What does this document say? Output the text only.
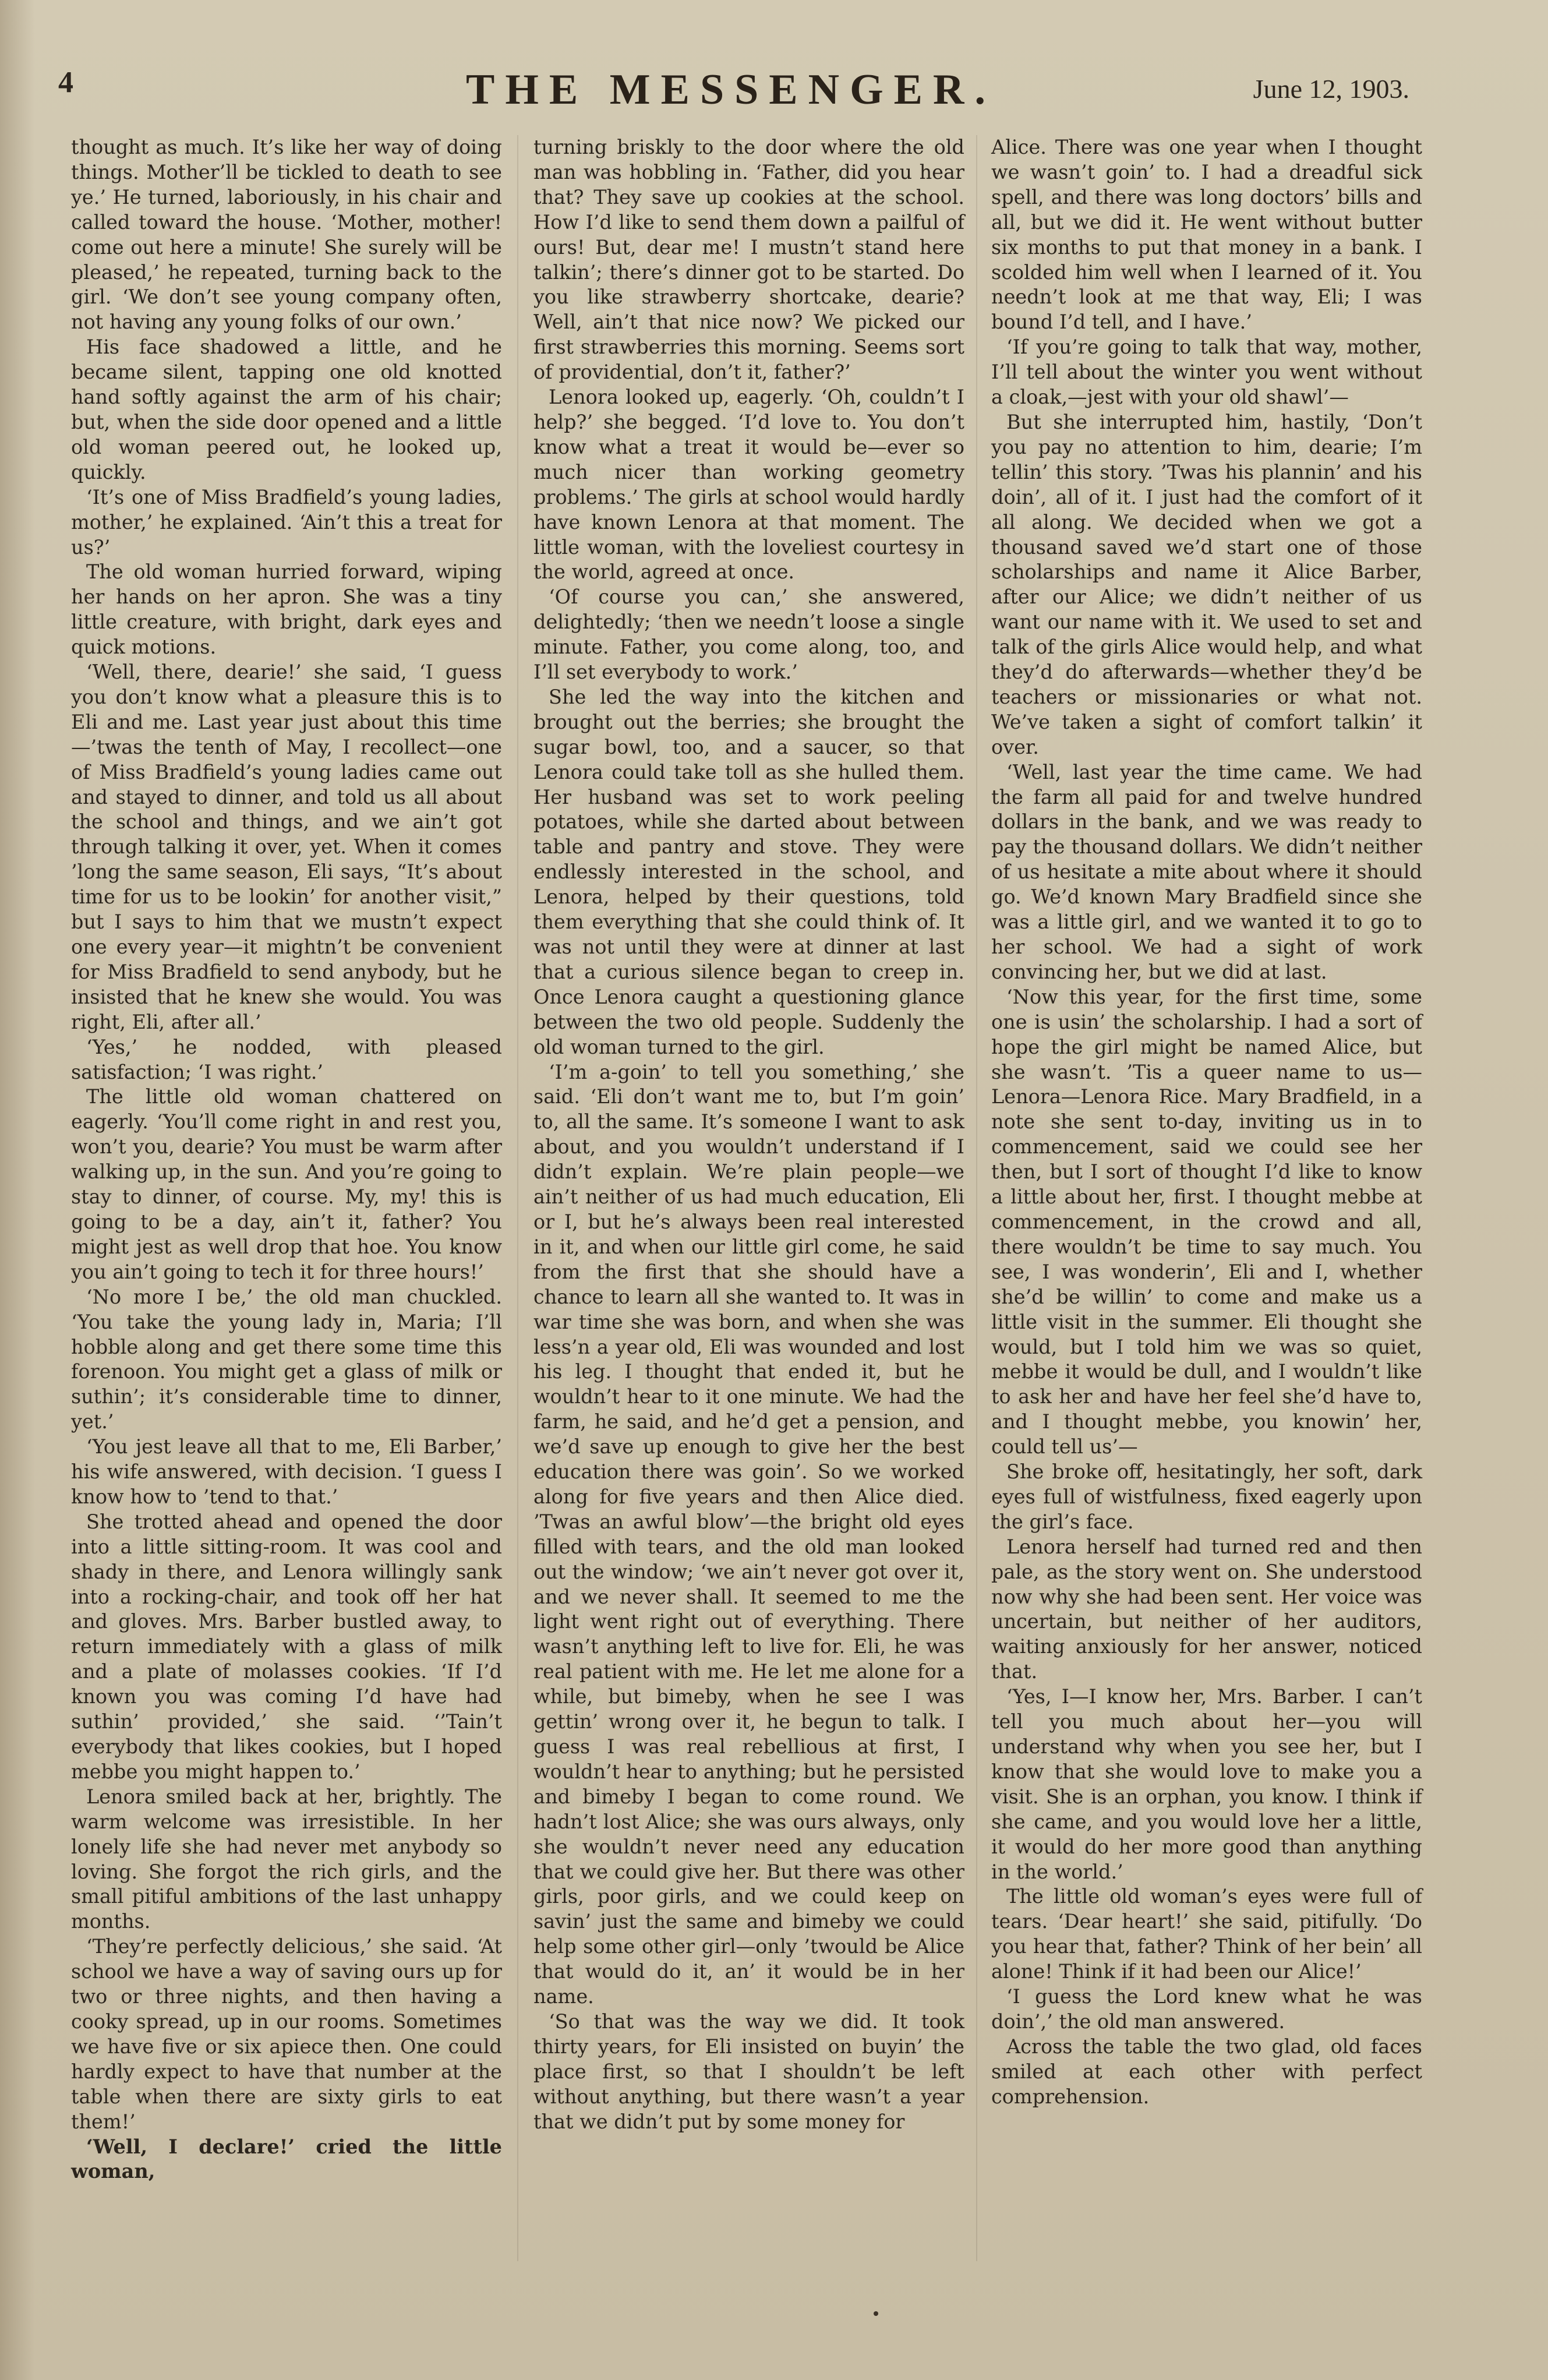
4	THE MESSENGER.	June 12, 1903.

thought as much. It’s like her way of doing things. Mother’ll be tickled to death to see ye.’ He turned, laboriously, in his chair and called toward the house. ‘Mother, mother! come out here a minute! She surely will be pleased,’ he repeated, turning back to the girl. ‘We don’t see young company often, not having any young folks of our own.’

His face shadowed a little, and he became silent, tapping one old knotted hand softly against the arm of his chair; but, when the side door opened and a little old woman peered out, he looked up, quickly.

‘It’s one of Miss Bradfield’s young ladies, mother,’ he explained. ‘Ain’t this a treat for us?’

The old woman hurried forward, wiping her hands on her apron. She was a tiny little creature, with bright, dark eyes and quick motions.

‘Well, there, dearie!’ she said, ‘I guess you don’t know what a pleasure this is to Eli and me. Last year just about this time —’twas the tenth of May, I recollect—one of Miss Bradfield’s young ladies came out and stayed to dinner, and told us all about the school and things, and we ain’t got through talking it over, yet. When it comes ’long the same season, Eli says, “It’s about time for us to be lookin’ for another visit,” but I says to him that we mustn’t expect one every year—it mightn’t be convenient for Miss Bradfield to send anybody, but he insisted that he knew she would. You was right, Eli, after all.’

‘Yes,’ he nodded, with pleased satisfaction; ‘I was right.’

The little old woman chattered on eagerly. ‘You’ll come right in and rest you, won’t you, dearie? You must be warm after walking up, in the sun. And you’re going to stay to dinner, of course. My, my! this is going to be a day, ain’t it, father? You might jest as well drop that hoe. You know you ain’t going to tech it for three hours!’

‘No more I be,’ the old man chuckled. ‘You take the young lady in, Maria; I’ll hobble along and get there some time this forenoon. You might get a glass of milk or suthin’; it’s considerable time to dinner, yet.’

‘You jest leave all that to me, Eli Barber,’ his wife answered, with decision. ‘I guess I know how to ’tend to that.’

She trotted ahead and opened the door into a little sitting-room. It was cool and shady in there, and Lenora willingly sank into a rocking-chair, and took off her hat and gloves. Mrs. Barber bustled away, to return immediately with a glass of milk and a plate of molasses cookies. ‘If I’d known you was coming I’d have had suthin’ provided,’ she said. ‘’Tain’t everybody that likes cookies, but I hoped mebbe you might happen to.’

Lenora smiled back at her, brightly. The warm welcome was irresistible. In her lonely life she had never met anybody so loving. She forgot the rich girls, and the small pitiful ambitions of the last unhappy months.

‘They’re perfectly delicious,’ she said. ‘At school we have a way of saving ours up for two or three nights, and then having a cooky spread, up in our rooms. Sometimes we have five or six apiece then. One could hardly expect to have that number at the table when there are sixty girls to eat them!’

‘Well, I declare!’ cried the little woman,

turning briskly to the door where the old man was hobbling in. ‘Father, did you hear that? They save up cookies at the school. How I’d like to send them down a pailful of ours! But, dear me! I mustn’t stand here talkin’; there’s dinner got to be started. Do you like strawberry shortcake, dearie? Well, ain’t that nice now? We picked our first strawberries this morning. Seems sort of providential, don’t it, father?’

Lenora looked up, eagerly. ‘Oh, couldn’t I help?’ she begged. ‘I’d love to. You don’t know what a treat it would be—ever so much nicer than working geometry problems.’ The girls at school would hardly have known Lenora at that moment. The little woman, with the loveliest courtesy in the world, agreed at once.

‘Of course you can,’ she answered, delightedly; ‘then we needn’t loose a single minute. Father, you come along, too, and I’ll set everybody to work.’

She led the way into the kitchen and brought out the berries; she brought the sugar bowl, too, and a saucer, so that Lenora could take toll as she hulled them. Her husband was set to work peeling potatoes, while she darted about between table and pantry and stove. They were endlessly interested in the school, and Lenora, helped by their questions, told them everything that she could think of. It was not until they were at dinner at last that a curious silence began to creep in. Once Lenora caught a questioning glance between the two old people. Suddenly the old woman turned to the girl.

‘I’m a-goin’ to tell you something,’ she said. ‘Eli don’t want me to, but I’m goin’ to, all the same. It’s someone I want to ask about, and you wouldn’t understand if I didn’t explain. We’re plain people—we ain’t neither of us had much education, Eli or I, but he’s always been real interested in it, and when our little girl come, he said from the first that she should have a chance to learn all she wanted to. It was in war time she was born, and when she was less’n a year old, Eli was wounded and lost his leg. I thought that ended it, but he wouldn’t hear to it one minute. We had the farm, he said, and he’d get a pension, and we’d save up enough to give her the best education there was goin’. So we worked along for five years and then Alice died. ’Twas an awful blow’—the bright old eyes filled with tears, and the old man looked out the window; ‘we ain’t never got over it, and we never shall. It seemed to me the light went right out of everything. There wasn’t anything left to live for. Eli, he was real patient with me. He let me alone for a while, but bimeby, when he see I was gettin’ wrong over it, he begun to talk. I guess I was real rebellious at first, I wouldn’t hear to anything; but he persisted and bimeby I began to come round. We hadn’t lost Alice; she was ours always, only she wouldn’t never need any education that we could give her. But there was other girls, poor girls, and we could keep on savin’ just the same and bimeby we could help some other girl—only ’twould be Alice that would do it, an’ it would be in her name.

‘So that was the way we did. It took thirty years, for Eli insisted on buyin’ the place first, so that I shouldn’t be left without anything, but there wasn’t a year that we didn’t put by some money for

Alice. There was one year when I thought we wasn’t goin’ to. I had a dreadful sick spell, and there was long doctors’ bills and all, but we did it. He went without butter six months to put that money in a bank. I scolded him well when I learned of it. You needn’t look at me that way, Eli; I was bound I’d tell, and I have.’

‘If you’re going to talk that way, mother, I’ll tell about the winter you went without a cloak,—jest with your old shawl’—

But she interrupted him, hastily, ‘Don’t you pay no attention to him, dearie; I’m tellin’ this story. ’Twas his plannin’ and his doin’, all of it. I just had the comfort of it all along. We decided when we got a thousand saved we’d start one of those scholarships and name it Alice Barber, after our Alice; we didn’t neither of us want our name with it. We used to set and talk of the girls Alice would help, and what they’d do afterwards—whether they’d be teachers or missionaries or what not. We’ve taken a sight of comfort talkin’ it over.

‘Well, last year the time came. We had the farm all paid for and twelve hundred dollars in the bank, and we was ready to pay the thousand dollars. We didn’t neither of us hesitate a mite about where it should go. We’d known Mary Bradfield since she was a little girl, and we wanted it to go to her school. We had a sight of work convincing her, but we did at last.

‘Now this year, for the first time, some one is usin’ the scholarship. I had a sort of hope the girl might be named Alice, but she wasn’t. ’Tis a queer name to us—Lenora—Lenora Rice. Mary Bradfield, in a note she sent to-day, inviting us in to commencement, said we could see her then, but I sort of thought I’d like to know a little about her, first. I thought mebbe at commencement, in the crowd and all, there wouldn’t be time to say much. You see, I was wonderin’, Eli and I, whether she’d be willin’ to come and make us a little visit in the summer. Eli thought she would, but I told him we was so quiet, mebbe it would be dull, and I wouldn’t like to ask her and have her feel she’d have to, and I thought mebbe, you knowin’ her, could tell us’—

She broke off, hesitatingly, her soft, dark eyes full of wistfulness, fixed eagerly upon the girl’s face.

Lenora herself had turned red and then pale, as the story went on. She understood now why she had been sent. Her voice was uncertain, but neither of her auditors, waiting anxiously for her answer, noticed that.

‘Yes, I—I know her, Mrs. Barber. I can’t tell you much about her—you will understand why when you see her, but I know that she would love to make you a visit. She is an orphan, you know. I think if she came, and you would love her a little, it would do her more good than anything in the world.’

The little old woman’s eyes were full of tears. ‘Dear heart!’ she said, pitifully. ‘Do you hear that, father? Think of her bein’ all alone! Think if it had been our Alice!’

‘I guess the Lord knew what he was doin’,’ the old man answered.

Across the table the two glad, old faces smiled at each other with perfect comprehension.
